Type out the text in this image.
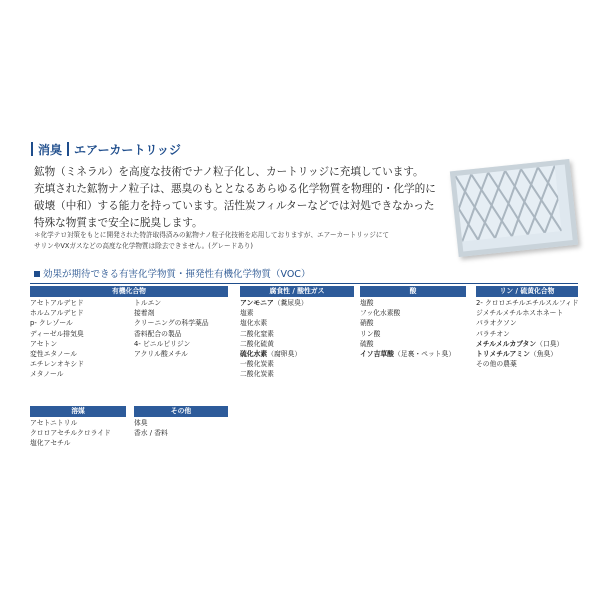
消臭 エアーカートリッジ
鉱物（ミネラル）を高度な技術でナノ粒子化し、カートリッジに充填しています。
充填された鉱物ナノ粒子は、悪臭のもととなるあらゆる化学物質を物理的・化学的に
破壊（中和）する能力を持っています。活性炭フィルターなどでは対処できなかった
特殊な物質まで安全に脱臭します。
＊化学テロ対策をもとに開発された特許取得済みの鉱物ナノ粒子化技術を応用しておりますが、エアーカートリッジにて
サリンやVXガスなどの高度な化学物質は除去できません。(グレードあり)
効果が期待できる有害化学物質・揮発性有機化学物質（VOC）
有機化合物
アセトアルデヒド
ホルムアルデヒド
p- クレゾール
ディーゼル排気臭
アセトン
変性エタノール
エチレンオキシド
メタノール
トルエン
接着剤
クリーニングの科学薬品
香料配合の製品
4- ビニルピリジン
アクリル酸メチル
腐食性 / 酸性ガス
アンモニア（糞尿臭）
塩素
塩化水素
二酸化窒素
二酸化硫黄
硫化水素（腐卵臭）
一酸化炭素
二酸化炭素
酸
塩酸
フッ化水素酸
硝酸
リン酸
硫酸
イソ吉草酸（足裏・ペット臭）
リン / 硫黄化合物
2- クロロエチルエチルスルフィド
ジメチルメチルホスホネート
パラオクソン
パラチオン
メチルメルカプタン（口臭）
トリメチルアミン（魚臭）
その他の農薬
溶媒
アセトニトリル
クロロアセチルクロライド
塩化アセチル
その他
体臭
香水 / 香料
